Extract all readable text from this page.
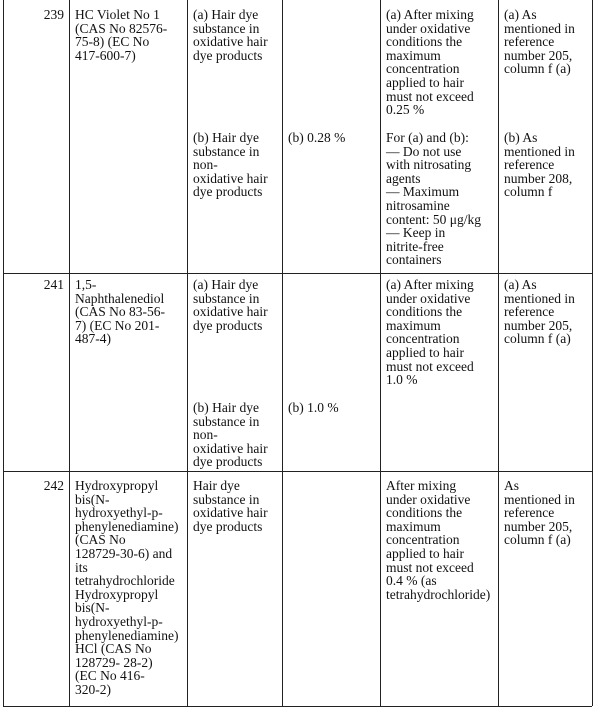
239 HC Violet No 1
(CAS No 82576-
75-8) (EC No
417-600-7)
(a) Hair dye
substance in
oxidative hair
dye products
(a) After mixing
under oxidative
conditions the
maximum
concentration
applied to hair
must not exceed
0.25 %
(a) As
mentioned in
reference
number 205,
column f (a)
(b) Hair dye
substance in
non-
oxidative hair
dye products
(b) 0.28 %	For (a) and (b):
— Do not use
with nitrosating
agents
— Maximum
nitrosamine
content: 50 μg/kg
— Keep in
nitrite-free
containers
(b) As
mentioned in
reference
number 208,
column f
241 1,5-
Naphthalenediol
(CAS No 83-56-
7) (EC No 201-
487-4)
(a) Hair dye
substance in
oxidative hair
dye products
(a) After mixing
under oxidative
conditions the
maximum
concentration
applied to hair
must not exceed
1.0 %
(a) As
mentioned in
reference
number 205,
column f (a)
(b) Hair dye
substance in
non-
oxidative hair
dye products
(b) 1.0 %
242 Hydroxypropyl
bis(N-
hydroxyethyl-p-
phenylenediamine)
(CAS No
128729-30-6) and
its
tetrahydrochloride
Hydroxypropyl
bis(N-
hydroxyethyl-p-
phenylenediamine)
HCl (CAS No
128729- 28-2)
(EC No 416-
320-2)
Hair dye
substance in
oxidative hair
dye products
After mixing
under oxidative
conditions the
maximum
concentration
applied to hair
must not exceed
0.4 % (as
tetrahydrochloride)
As
mentioned in
reference
number 205,
column f (a)
